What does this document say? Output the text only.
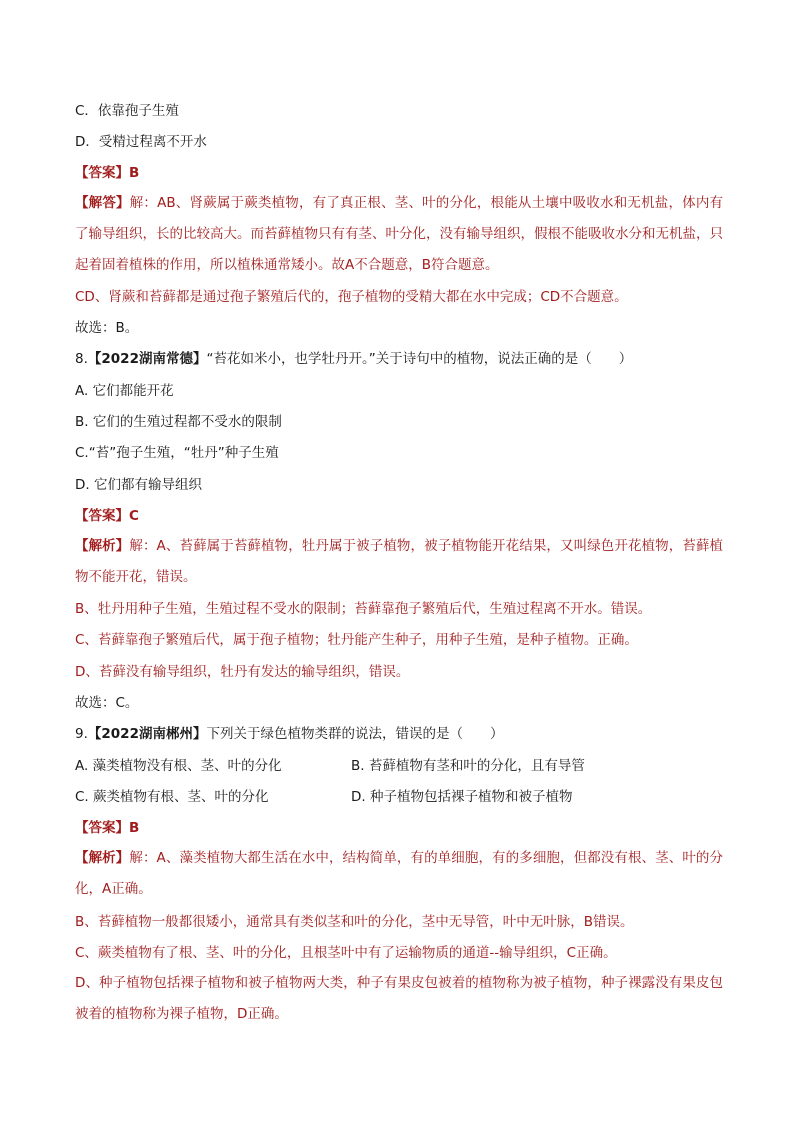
C．依靠孢子生殖
D．受精过程离不开水
【答案】B
【解答】解：AB、肾蕨属于蕨类植物，有了真正根、茎、叶的分化，根能从土壤中吸收水和无机盐，体内有了输导组织，长的比较高大。而苔藓植物只有有茎、叶分化，没有输导组织，假根不能吸收水分和无机盐，只起着固着植株的作用，所以植株通常矮小。故A不合题意，B符合题意。
CD、肾蕨和苔藓都是通过孢子繁殖后代的，孢子植物的受精大都在水中完成；CD不合题意。
故选：B。
8.【2022湖南常德】“苔花如米小，也学牡丹开。”关于诗句中的植物，说法正确的是（　　）
A. 它们都能开花
B. 它们的生殖过程都不受水的限制
C.“苔”孢子生殖，“牡丹”种子生殖
D. 它们都有输导组织
【答案】C
【解析】解：A、苔藓属于苔藓植物，牡丹属于被子植物，被子植物能开花结果，又叫绿色开花植物，苔藓植物不能开花，错误。
B、牡丹用种子生殖，生殖过程不受水的限制；苔藓靠孢子繁殖后代，生殖过程离不开水。错误。
C、苔藓靠孢子繁殖后代，属于孢子植物；牡丹能产生种子，用种子生殖，是种子植物。正确。
D、苔藓没有输导组织，牡丹有发达的输导组织，错误。
故选：C。
9.【2022湖南郴州】下列关于绿色植物类群的说法，错误的是（　　）
A. 藻类植物没有根、茎、叶的分化	B. 苔藓植物有茎和叶的分化，且有导管
C. 蕨类植物有根、茎、叶的分化	D. 种子植物包括裸子植物和被子植物
【答案】B
【解析】解：A、藻类植物大都生活在水中，结构简单，有的单细胞，有的多细胞，但都没有根、茎、叶的分化，A正确。
B、苔藓植物一般都很矮小，通常具有类似茎和叶的分化，茎中无导管，叶中无叶脉，B错误。
C、蕨类植物有了根、茎、叶的分化，且根茎叶中有了运输物质的通道--输导组织，C正确。
D、种子植物包括裸子植物和被子植物两大类，种子有果皮包被着的植物称为被子植物，种子裸露没有果皮包被着的植物称为裸子植物，D正确。
